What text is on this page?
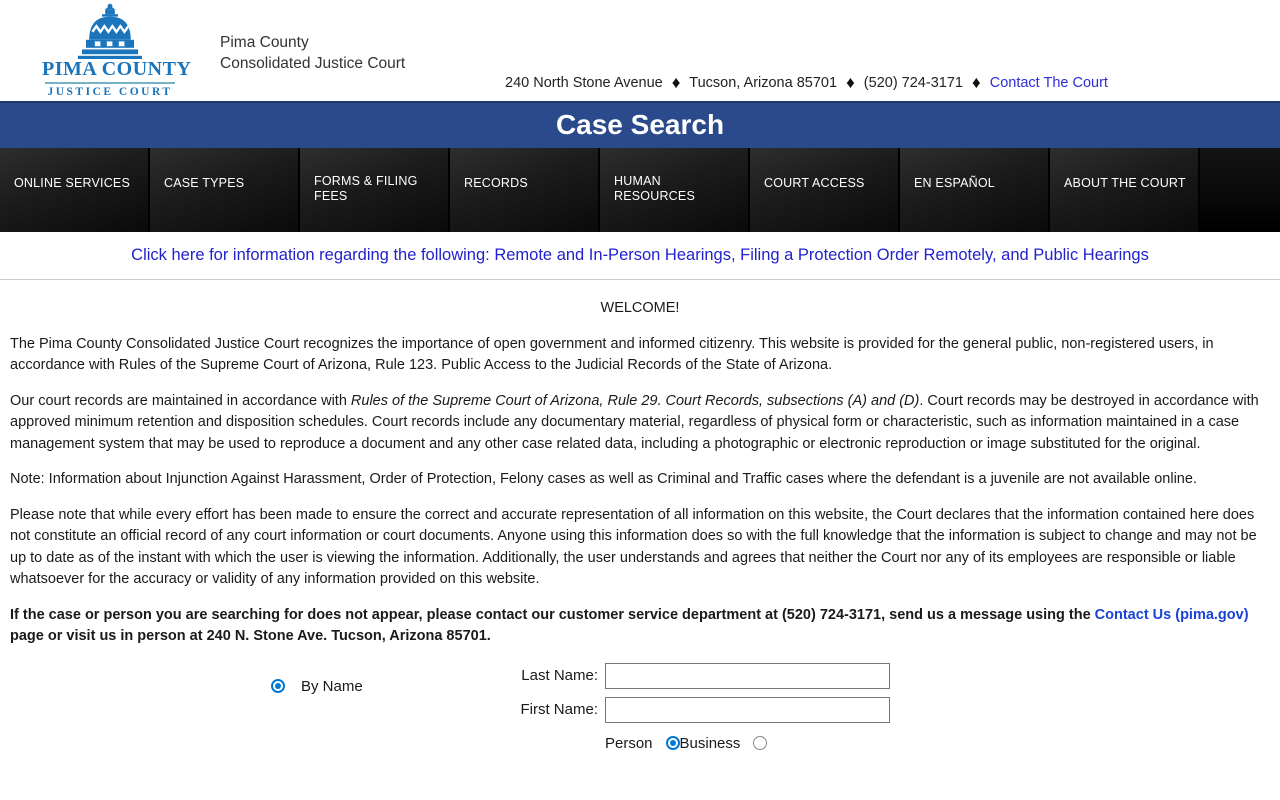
PIMA COUNTY
JUSTICE COURT
Pima County
Consolidated Justice Court
240 North Stone Avenue ♦ Tucson, Arizona 85701 ♦ (520) 724-3171 ♦ Contact The Court
Case Search
ONLINE SERVICES	CASE TYPES	FORMS & FILING FEES
RECORDS	HUMAN RESOURCES
COURT ACCESS	EN ESPAÑOL	ABOUT THE COURT
Click here for information regarding the following: Remote and In-Person Hearings, Filing a Protection Order Remotely, and Public Hearings
WELCOME!

The Pima County Consolidated Justice Court recognizes the importance of open government and informed citizenry. This website is provided for the general public, non-registered users, in accordance with Rules of the Supreme Court of Arizona, Rule 123. Public Access to the Judicial Records of the State of Arizona.

Our court records are maintained in accordance with Rules of the Supreme Court of Arizona, Rule 29. Court Records, subsections (A) and (D). Court records may be destroyed in accordance with approved minimum retention and disposition schedules. Court records include any documentary material, regardless of physical form or characteristic, such as information maintained in a case management system that may be used to reproduce a document and any other case related data, including a photographic or electronic reproduction or image substituted for the original.

Note: Information about Injunction Against Harassment, Order of Protection, Felony cases as well as Criminal and Traffic cases where the defendant is a juvenile are not available online.

Please note that while every effort has been made to ensure the correct and accurate representation of all information on this website, the Court declares that the information contained here does not constitute an official record of any court information or court documents. Anyone using this information does so with the full knowledge that the information is subject to change and may not be up to date as of the instant with which the user is viewing the information. Additionally, the user understands and agrees that neither the Court nor any of its employees are responsible or liable whatsoever for the accuracy or validity of any information provided on this website.

If the case or person you are searching for does not appear, please contact our customer service department at (520) 724-3171, send us a message using the Contact Us (pima.gov) page or visit us in person at 240 N. Stone Ave. Tucson, Arizona 85701.

By Name
Last Name:
First Name:
Person Business
